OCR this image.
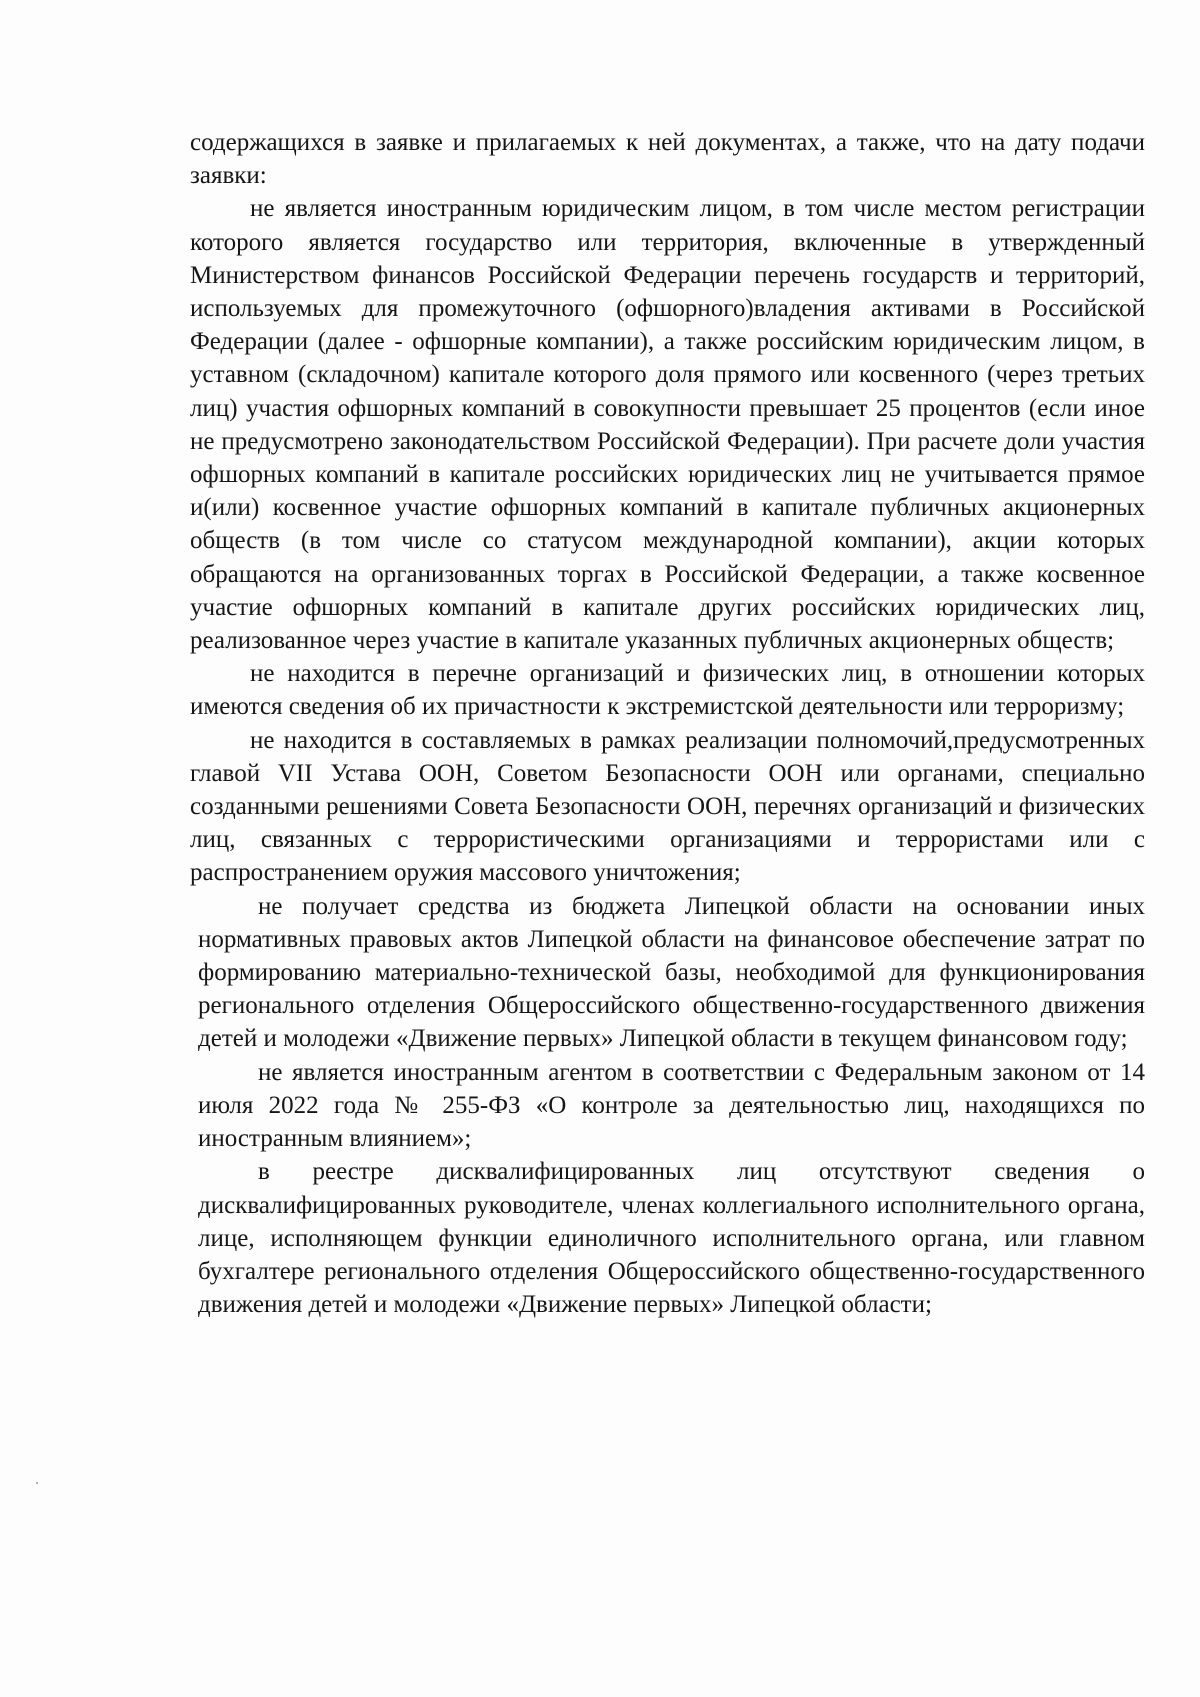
содержащихся в заявке и прилагаемых к ней документах, а также, что на дату подачи заявки:

не является иностранным юридическим лицом, в том числе местом регистрации которого является государство или территория, включенные в утвержденный Министерством финансов Российской Федерации перечень государств и территорий, используемых для промежуточного (офшорного)владения активами в Российской Федерации (далее - офшорные компании), а также российским юридическим лицом, в уставном (складочном) капитале которого доля прямого или косвенного (через третьих лиц) участия офшорных компаний в совокупности превышает 25 процентов (если иное не предусмотрено законодательством Российской Федерации). При расчете доли участия офшорных компаний в капитале российских юридических лиц не учитывается прямое и(или) косвенное участие офшорных компаний в капитале публичных акционерных обществ (в том числе со статусом международной компании), акции которых обращаются на организованных торгах в Российской Федерации, а также косвенное участие офшорных компаний в капитале других российских юридических лиц, реализованное через участие в капитале указанных публичных акционерных обществ;

не находится в перечне организаций и физических лиц, в отношении которых имеются сведения об их причастности к экстремистской деятельности или терроризму;

не находится в составляемых в рамках реализации полномочий,предусмотренных главой VII Устава ООН, Советом Безопасности ООН или органами, специально созданными решениями Совета Безопасности ООН, перечнях организаций и физических лиц, связанных с террористическими организациями и террористами или с распространением оружия массового уничтожения;

не получает средства из бюджета Липецкой области на основании иных нормативных правовых актов Липецкой области на финансовое обеспечение затрат по формированию материально-технической базы, необходимой для функционирования регионального отделения Общероссийского общественно-государственного движения детей и молодежи «Движение первых» Липецкой области в текущем финансовом году;

не является иностранным агентом в соответствии с Федеральным законом от 14 июля 2022 года № 255-ФЗ «О контроле за деятельностью лиц, находящихся по иностранным влиянием»;

в реестре дисквалифицированных лиц отсутствуют сведения о дисквалифицированных руководителе, членах коллегиального исполнительного органа, лице, исполняющем функции единоличного исполнительного органа, или главном бухгалтере регионального отделения Общероссийского общественно-государственного движения детей и молодежи «Движение первых» Липецкой области;
